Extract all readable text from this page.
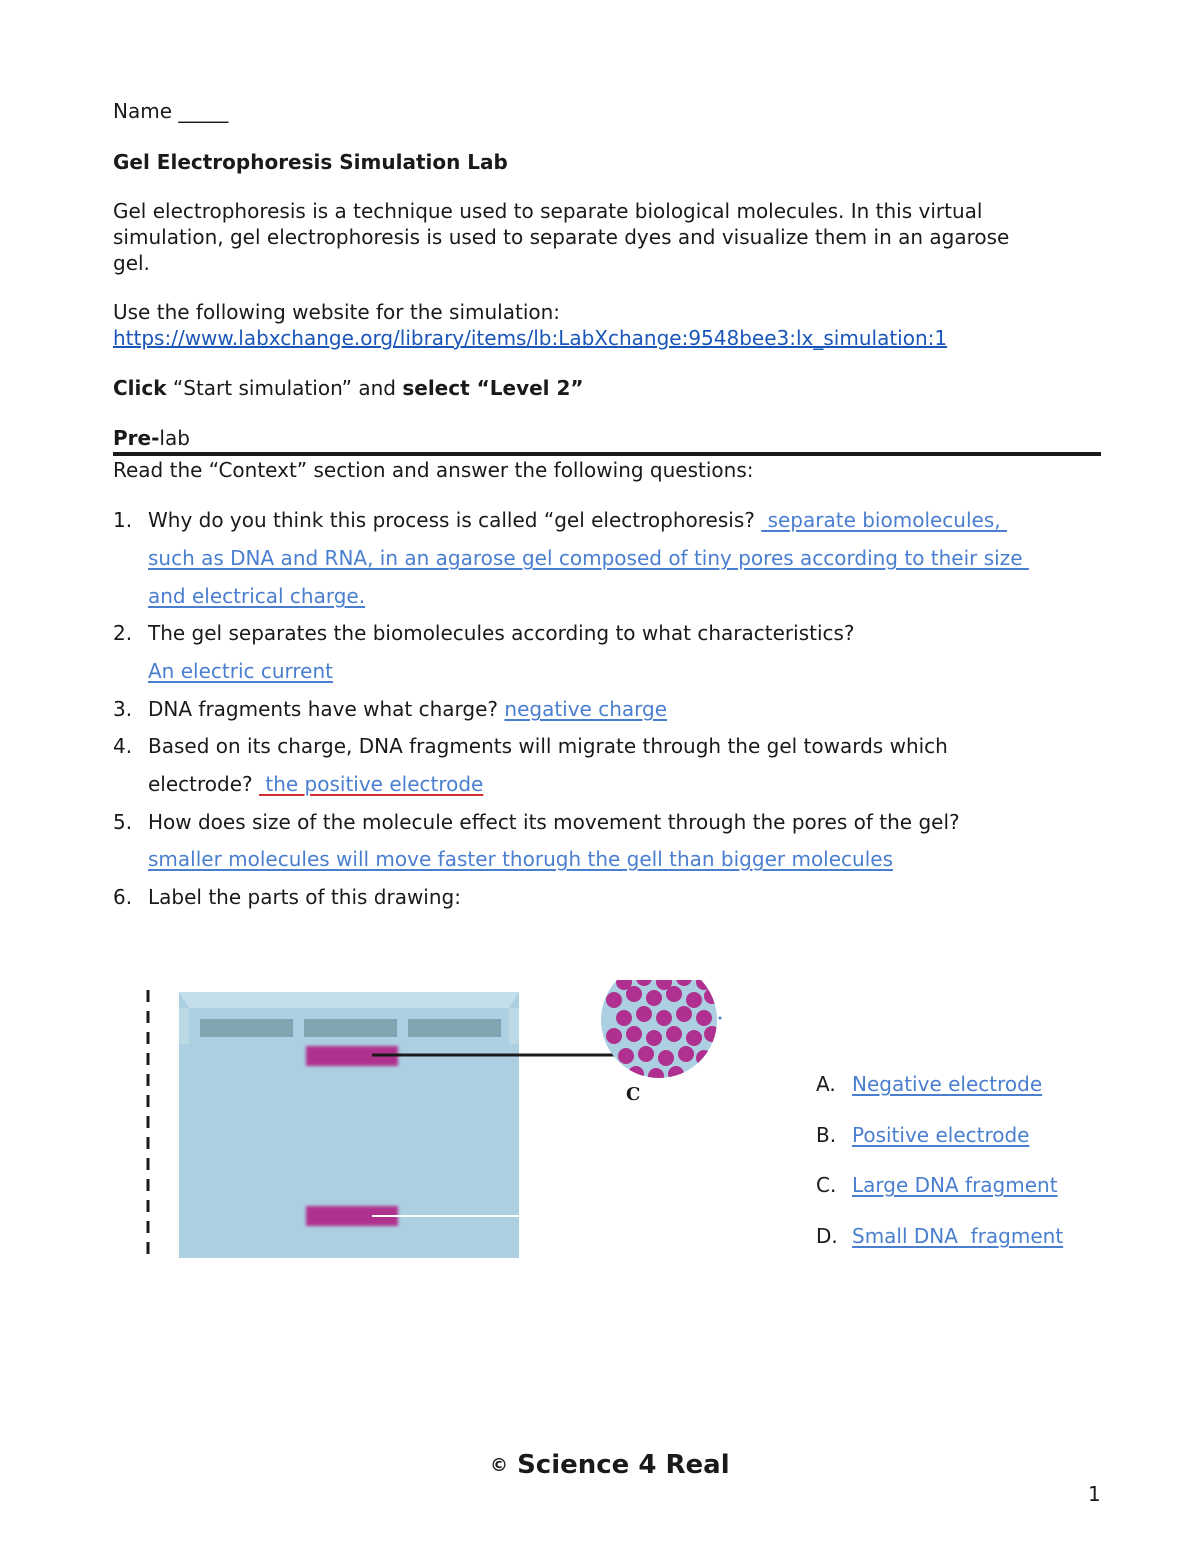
Name _____
Gel Electrophoresis Simulation Lab
Gel electrophoresis is a technique used to separate biological molecules. In this virtual
simulation, gel electrophoresis is used to separate dyes and visualize them in an agarose
gel.
Use the following website for the simulation:
https://www.labxchange.org/library/items/lb:LabXchange:9548bee3:lx_simulation:1
Click “Start simulation” and select “Level 2”
Pre-lab
Read the “Context” section and answer the following questions:
1. Why do you think this process is called “gel electrophoresis?  separate biomolecules,
such as DNA and RNA, in an agarose gel composed of tiny pores according to their size
and electrical charge.
2. The gel separates the biomolecules according to what characteristics?
An electric current
3. DNA fragments have what charge? negative charge
4. Based on its charge, DNA fragments will migrate through the gel towards which
electrode?  the positive electrode
5. How does size of the molecule effect its movement through the pores of the gel?
smaller molecules will move faster thorugh the gell than bigger molecules
6. Label the parts of this drawing:
C	A. Negative electrode
B. Positive electrode
C. Large DNA fragment
D. Small DNA  fragment
© Science 4 Real
1
